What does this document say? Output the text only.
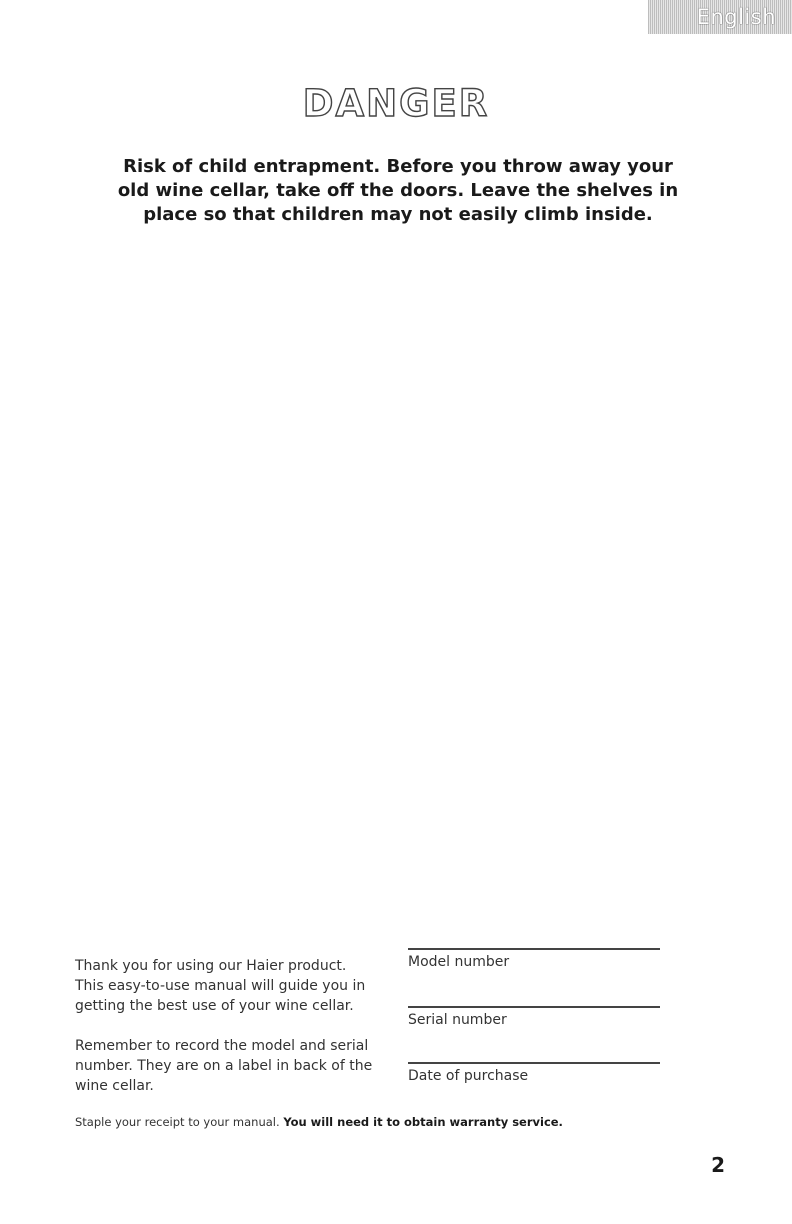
English
DANGER
Risk of child entrapment. Before you throw away your
old wine cellar, take off the doors. Leave the shelves in
place so that children may not easily climb inside.
Thank you for using our Haier product.
This easy-to-use manual will guide you in
getting the best use of your wine cellar.
Remember to record the model and serial
number. They are on a label in back of the
wine cellar.
Model number
Serial number
Date of purchase
Staple your receipt to your manual. You will need it to obtain warranty service.
2
